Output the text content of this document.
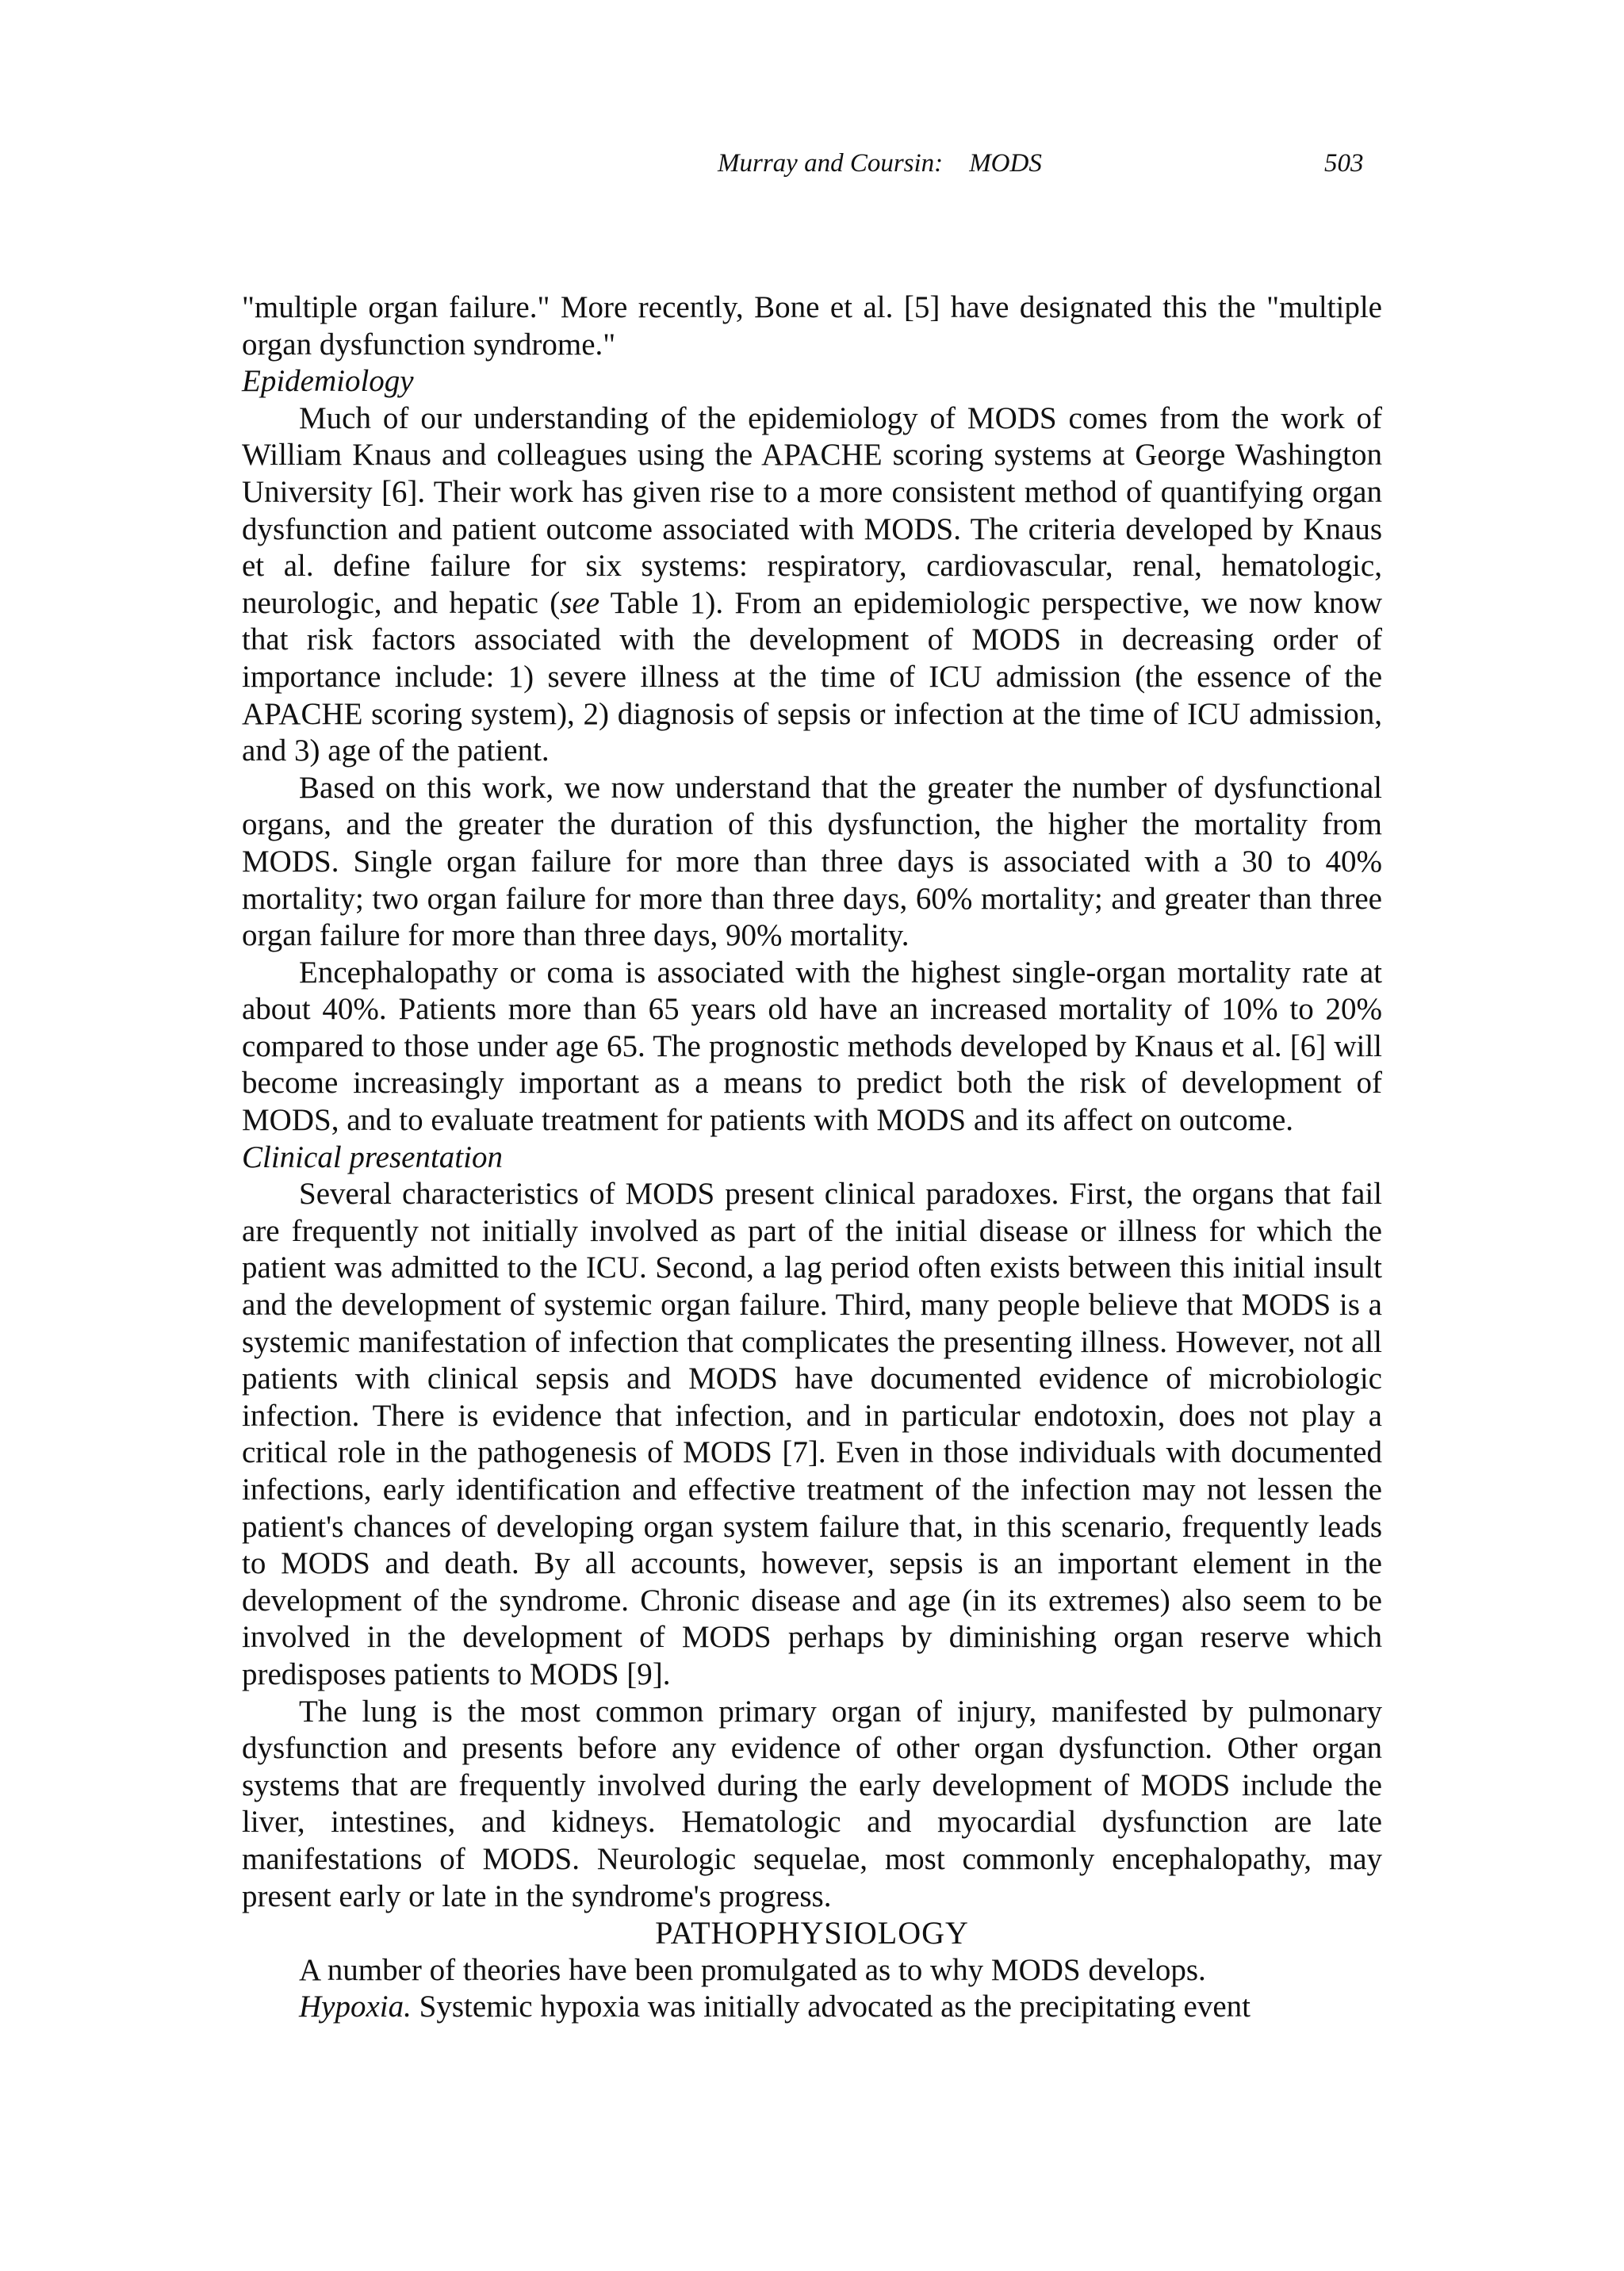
Murray and Coursin: MODS	503

"multiple organ failure." More recently, Bone et al. [5] have designated this the "multiple organ dysfunction syndrome."

Epidemiology

Much of our understanding of the epidemiology of MODS comes from the work of William Knaus and colleagues using the APACHE scoring systems at George Washington University [6]. Their work has given rise to a more consistent method of quantifying organ dysfunction and patient outcome associated with MODS. The criteria developed by Knaus et al. define failure for six systems: respiratory, cardiovascular, renal, hematologic, neurologic, and hepatic (see Table 1). From an epidemiologic perspective, we now know that risk factors associated with the development of MODS in decreasing order of importance include: 1) severe illness at the time of ICU admission (the essence of the APACHE scoring system), 2) diagnosis of sepsis or infection at the time of ICU admission, and 3) age of the patient.

Based on this work, we now understand that the greater the number of dysfunctional organs, and the greater the duration of this dysfunction, the higher the mortality from MODS. Single organ failure for more than three days is associated with a 30 to 40% mortality; two organ failure for more than three days, 60% mortality; and greater than three organ failure for more than three days, 90% mortality.

Encephalopathy or coma is associated with the highest single-organ mortality rate at about 40%. Patients more than 65 years old have an increased mortality of 10% to 20% compared to those under age 65. The prognostic methods developed by Knaus et al. [6] will become increasingly important as a means to predict both the risk of development of MODS, and to evaluate treatment for patients with MODS and its affect on outcome.

Clinical presentation

Several characteristics of MODS present clinical paradoxes. First, the organs that fail are frequently not initially involved as part of the initial disease or illness for which the patient was admitted to the ICU. Second, a lag period often exists between this initial insult and the development of systemic organ failure. Third, many people believe that MODS is a systemic manifestation of infection that complicates the presenting illness. However, not all patients with clinical sepsis and MODS have documented evidence of microbiologic infection. There is evidence that infection, and in particular endotoxin, does not play a critical role in the pathogenesis of MODS [7]. Even in those individuals with documented infections, early identification and effective treatment of the infection may not lessen the patient's chances of developing organ system failure that, in this scenario, frequently leads to MODS and death. By all accounts, however, sepsis is an important element in the development of the syndrome. Chronic disease and age (in its extremes) also seem to be involved in the development of MODS perhaps by diminishing organ reserve which predisposes patients to MODS [9].

The lung is the most common primary organ of injury, manifested by pulmonary dysfunction and presents before any evidence of other organ dysfunction. Other organ systems that are frequently involved during the early development of MODS include the liver, intestines, and kidneys. Hematologic and myocardial dysfunction are late manifestations of MODS. Neurologic sequelae, most commonly encephalopathy, may present early or late in the syndrome's progress.

PATHOPHYSIOLOGY

A number of theories have been promulgated as to why MODS develops.

Hypoxia. Systemic hypoxia was initially advocated as the precipitating event
